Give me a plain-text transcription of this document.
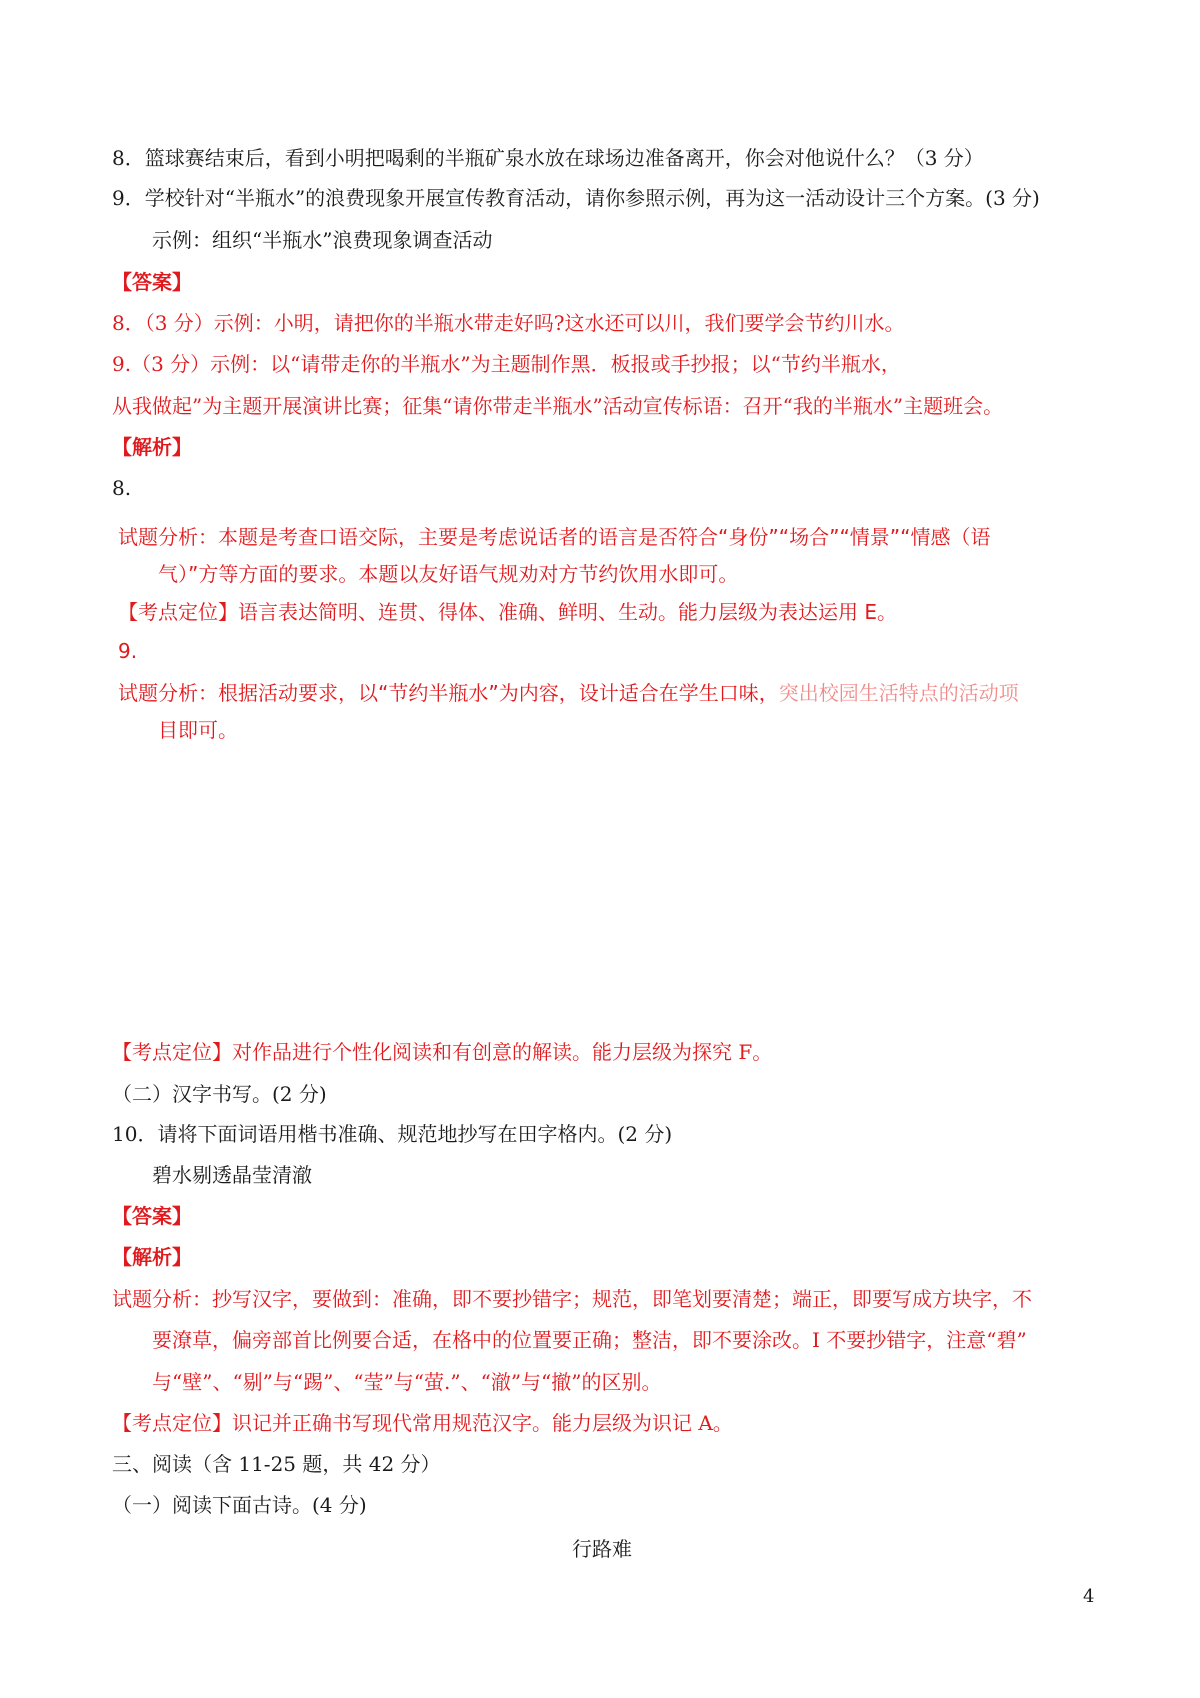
8．篮球赛结束后，看到小明把喝剩的半瓶矿泉水放在球场边准备离开，你会对他说什么？（3 分）
9．学校针对“半瓶水”的浪费现象开展宣传教育活动，请你参照示例，再为这一活动设计三个方案。(3 分)
示例：组织“半瓶水”浪费现象调查活动
【答案】
8．（3 分）示例：小明，请把你的半瓶水带走好吗?这水还可以川，我们要学会节约川水。
9.（3 分）示例：以“请带走你的半瓶水”为主题制作黑．板报或手抄报；以“节约半瓶水，
从我做起”为主题开展演讲比赛；征集“请你带走半瓶水”活动宣传标语：召开“我的半瓶水”主题班会。
【解析】
8.
试题分析：本题是考查口语交际，主要是考虑说话者的语言是否符合“身份”“场合”“情景”“情感（语
气）”方等方面的要求。本题以友好语气规劝对方节约饮用水即可。
【考点定位】语言表达简明、连贯、得体、准确、鲜明、生动。能力层级为表达运用 E。
9.
试题分析：根据活动要求，以“节约半瓶水”为内容，设计适合在学生口味，突出校园生活特点的活动项
目即可。
【考点定位】对作品进行个性化阅读和有创意的解读。能力层级为探究 F。
（二）汉字书写。(2 分)
10．请将下面词语用楷书准确、规范地抄写在田字格内。(2 分)
碧水剔透晶莹清澈
【答案】
【解析】
试题分析：抄写汉字，要做到：准确，即不要抄错字；规范，即笔划要清楚；端正，即要写成方块字，不
要潦草，偏旁部首比例要合适，在格中的位置要正确；整洁，即不要涂改。I 不要抄错字，注意“碧”
与“壁”、“剔”与“踢”、“莹”与“萤.”、“澈”与“撤”的区别。
【考点定位】识记并正确书写现代常用规范汉字。能力层级为识记 A。
三、阅读（含 11-25 题，共 42 分）
（一）阅读下面古诗。(4 分)
行路难
4
